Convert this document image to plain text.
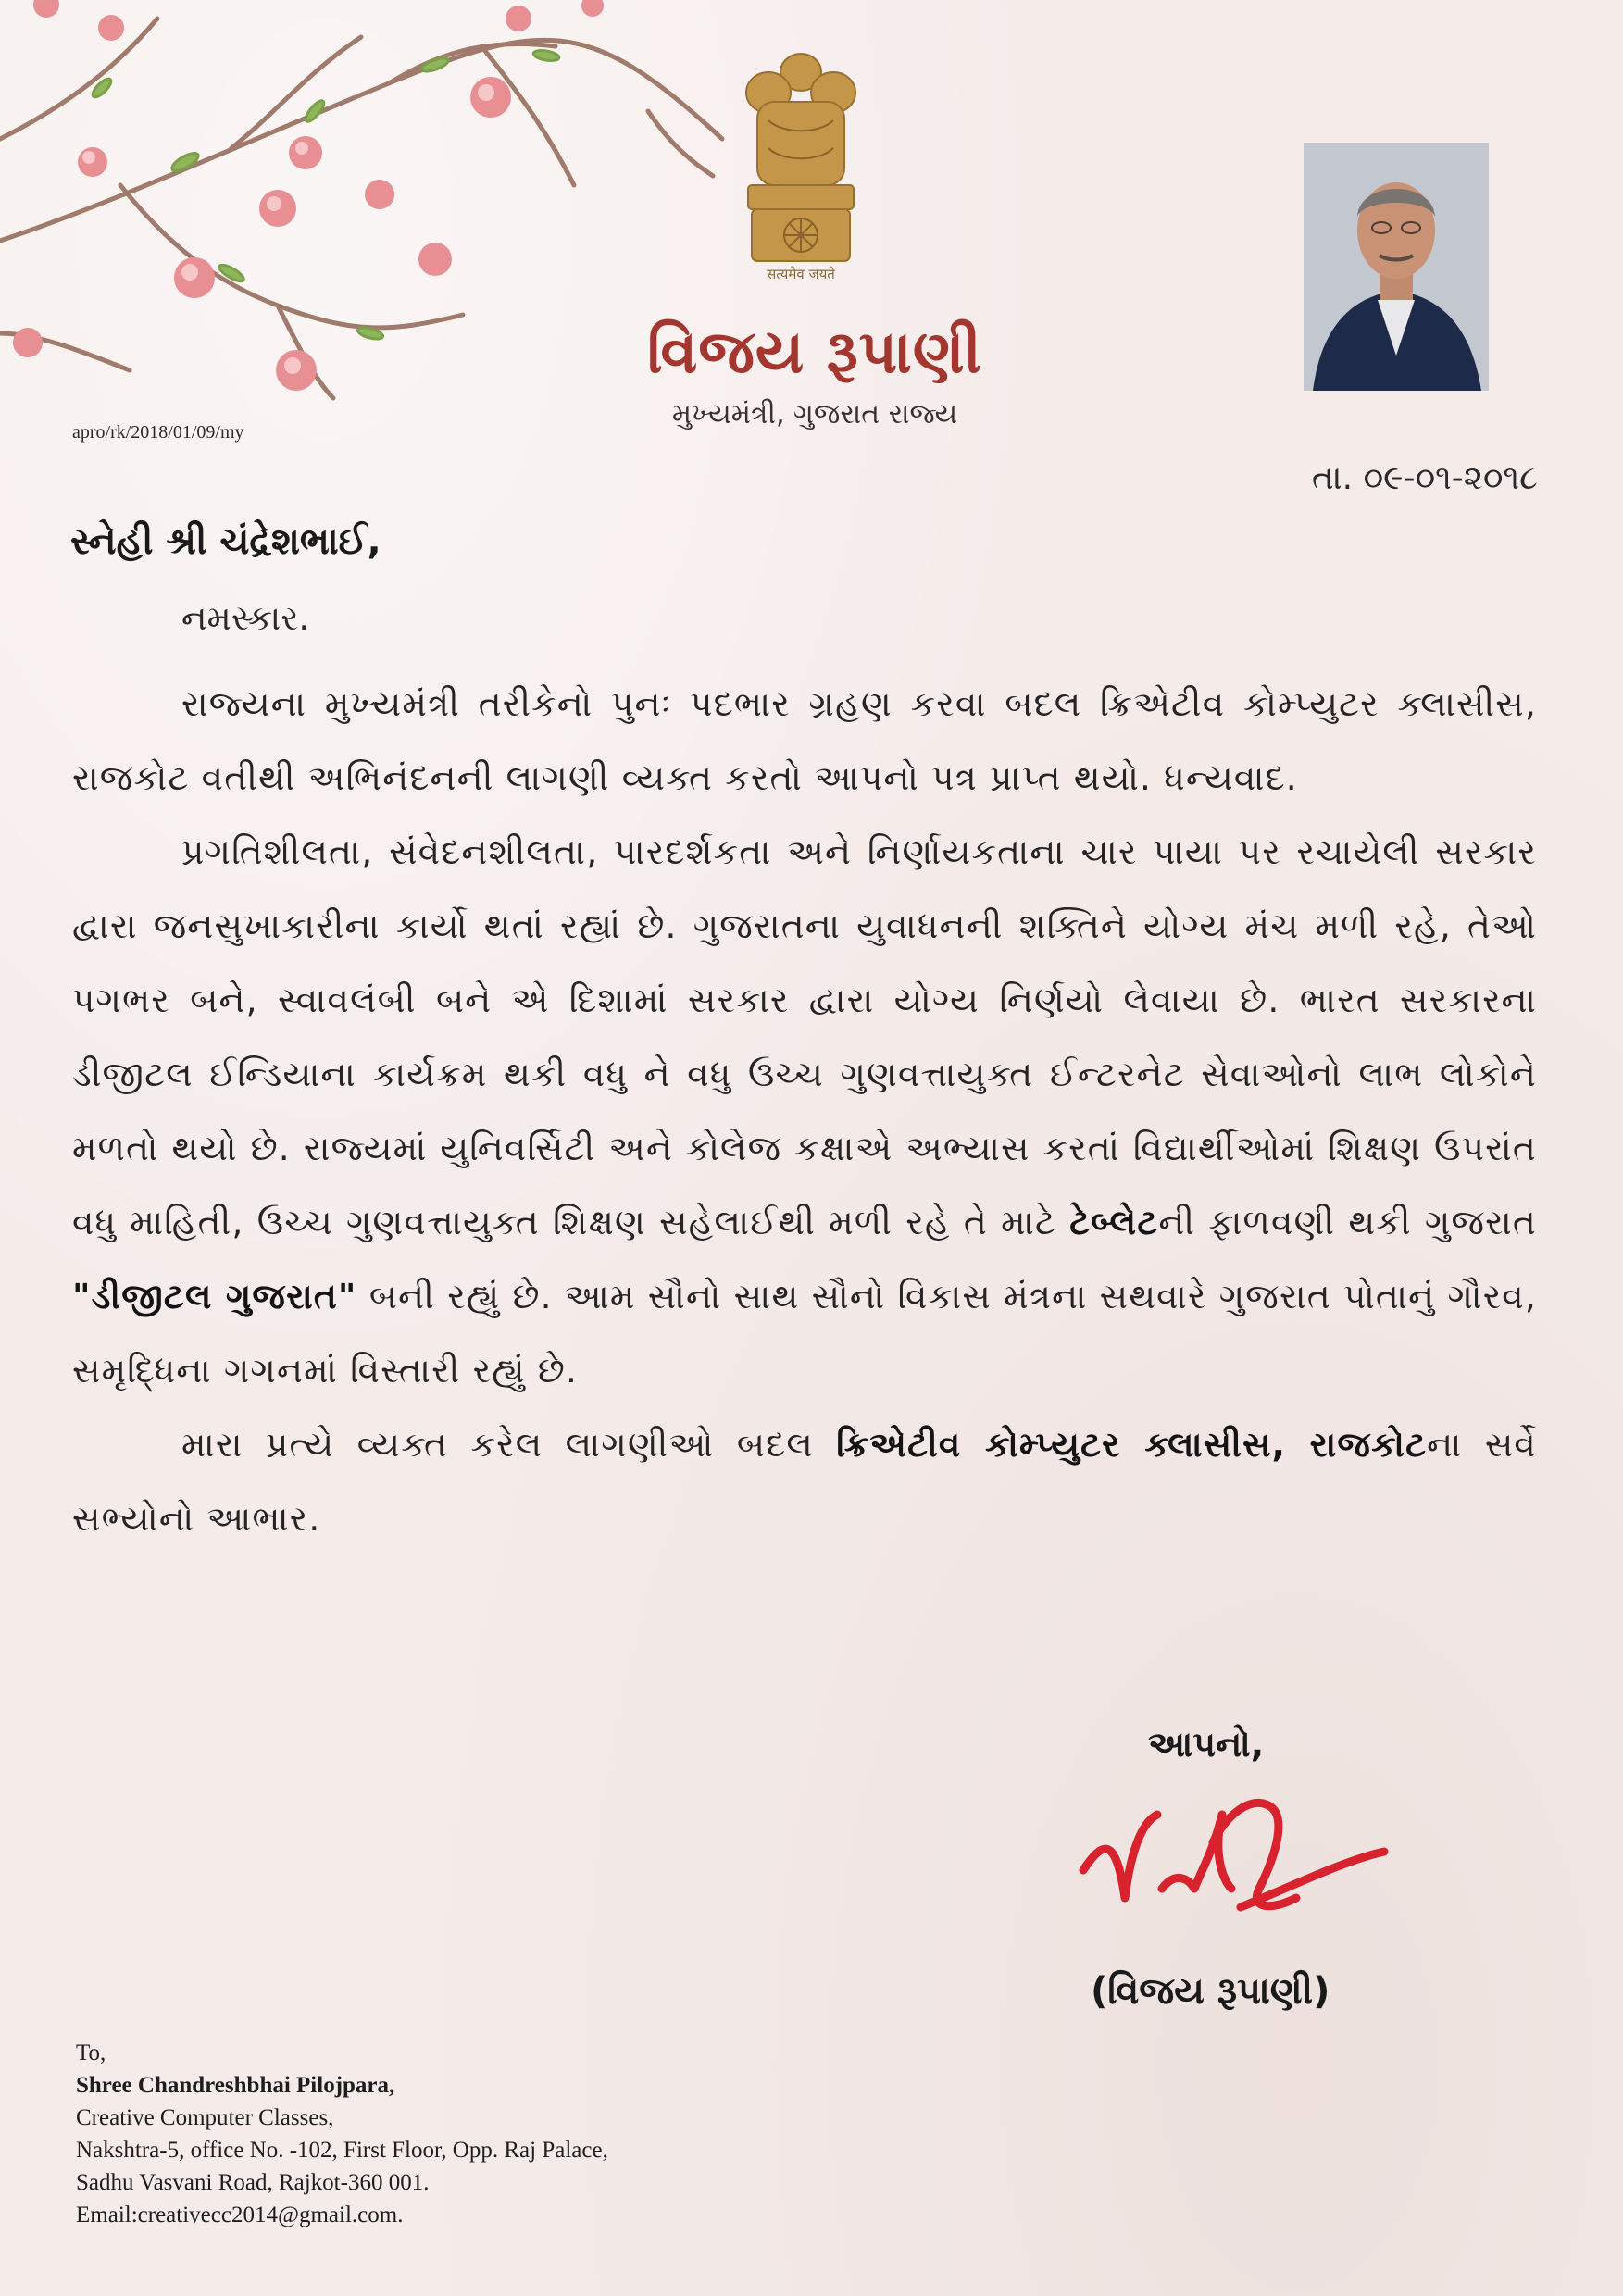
सत्यमेव जयते
વિજય રૂપાણી
મુખ્યમંત્રી, ગુજરાત રાજ્ય
apro/rk/2018/01/09/my
તા. ૦૯-૦૧-૨૦૧૮
સ્નેહી શ્રી ચંદ્રેશભાઈ,
નમસ્કાર.

રાજ્યના મુખ્યમંત્રી તરીકેનો પુનઃ પદભાર ગ્રહણ કરવા બદલ ક્રિએટીવ કોમ્પ્યુટર ક્લાસીસ, રાજકોટ વતીથી અભિનંદનની લાગણી વ્યક્ત કરતો આપનો પત્ર પ્રાપ્ત થયો. ધન્યવાદ.

પ્રગતિશીલતા, સંવેદનશીલતા, પારદર્શકતા અને નિર્ણાયકતાના ચાર પાયા પર રચાયેલી સરકાર દ્વારા જનસુખાકારીના કાર્યો થતાં રહ્યાં છે. ગુજરાતના યુવાધનની શક્તિને યોગ્ય મંચ મળી રહે, તેઓ પગભર બને, સ્વાવલંબી બને એ દિશામાં સરકાર દ્વારા યોગ્ય નિર્ણયો લેવાયા છે. ભારત સરકારના ડીજીટલ ઈન્ડિયાના કાર્યક્રમ થકી વધુ ને વધુ ઉચ્ચ ગુણવત્તાયુક્ત ઈન્ટરનેટ સેવાઓનો લાભ લોકોને મળતો થયો છે. રાજ્યમાં યુનિવર્સિટી અને કોલેજ કક્ષાએ અભ્યાસ કરતાં વિદ્યાર્થીઓમાં શિક્ષણ ઉપરાંત વધુ માહિતી, ઉચ્ચ ગુણવત્તાયુક્ત શિક્ષણ સહેલાઈથી મળી રહે તે માટે ટેબ્લેટની ફાળવણી થકી ગુજરાત "ડીજીટલ ગુજરાત" બની રહ્યું છે. આમ સૌનો સાથ સૌનો વિકાસ મંત્રના સથવારે ગુજરાત પોતાનું ગૌરવ, સમૃદ્ધિના ગગનમાં વિસ્તારી રહ્યું છે.

મારા પ્રત્યે વ્યક્ત કરેલ લાગણીઓ બદલ ક્રિએટીવ કોમ્પ્યુટર ક્લાસીસ, રાજકોટના સર્વે સભ્યોનો આભાર.

આપનો,
(વિજય રૂપાણી)
To,
Shree Chandreshbhai Pilojpara,
Creative Computer Classes,
Nakshtra-5, office No. -102, First Floor, Opp. Raj Palace,
Sadhu Vasvani Road, Rajkot-360 001.
Email:creativecc2014@gmail.com.
